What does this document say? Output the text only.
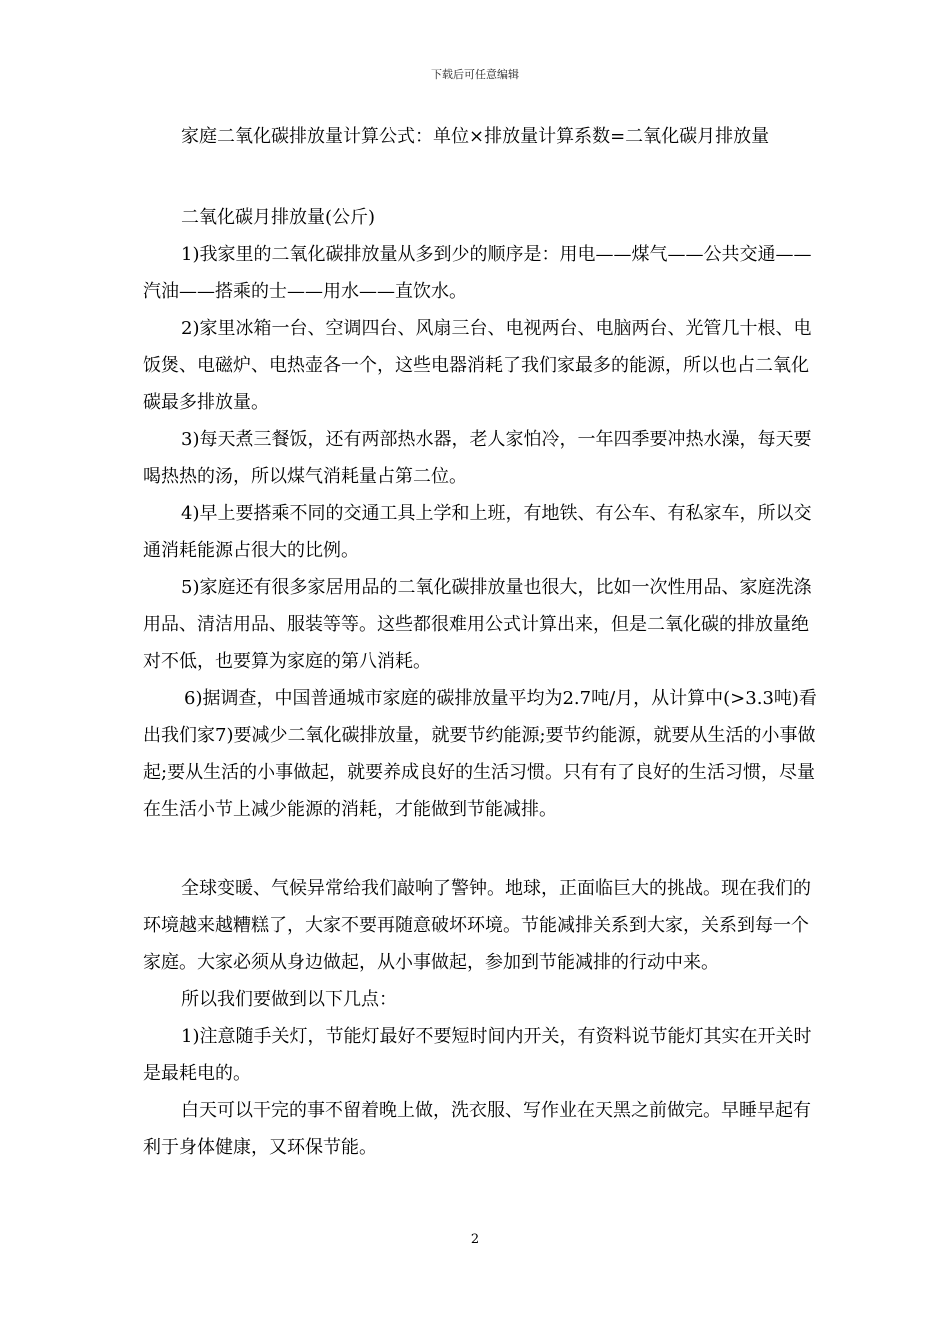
下载后可任意编辑

家庭二氧化碳排放量计算公式：单位×排放量计算系数=二氧化碳月排放量

二氧化碳月排放量(公斤)

1)我家里的二氧化碳排放量从多到少的顺序是：用电——煤气——公共交通——汽油——搭乘的士——用水——直饮水。

2)家里冰箱一台、空调四台、风扇三台、电视两台、电脑两台、光管几十根、电饭煲、电磁炉、电热壶各一个，这些电器消耗了我们家最多的能源，所以也占二氧化碳最多排放量。

3)每天煮三餐饭，还有两部热水器，老人家怕冷，一年四季要冲热水澡，每天要喝热热的汤，所以煤气消耗量占第二位。

4)早上要搭乘不同的交通工具上学和上班，有地铁、有公车、有私家车，所以交通消耗能源占很大的比例。

5)家庭还有很多家居用品的二氧化碳排放量也很大，比如一次性用品、家庭洗涤用品、清洁用品、服装等等。这些都很难用公式计算出来，但是二氧化碳的排放量绝对不低，也要算为家庭的第八消耗。

6)据调查，中国普通城市家庭的碳排放量平均为2.7吨/月，从计算中(>3.3吨)看出我们家7)要减少二氧化碳排放量，就要节约能源;要节约能源，就要从生活的小事做起;要从生活的小事做起，就要养成良好的生活习惯。只有有了良好的生活习惯，尽量在生活小节上减少能源的消耗，才能做到节能减排。

全球变暖、气候异常给我们敲响了警钟。地球，正面临巨大的挑战。现在我们的环境越来越糟糕了，大家不要再随意破坏环境。节能减排关系到大家，关系到每一个家庭。大家必须从身边做起，从小事做起，参加到节能减排的行动中来。

所以我们要做到以下几点：

1)注意随手关灯，节能灯最好不要短时间内开关，有资料说节能灯其实在开关时是最耗电的。

白天可以干完的事不留着晚上做，洗衣服、写作业在天黑之前做完。早睡早起有利于身体健康，又环保节能。

2
